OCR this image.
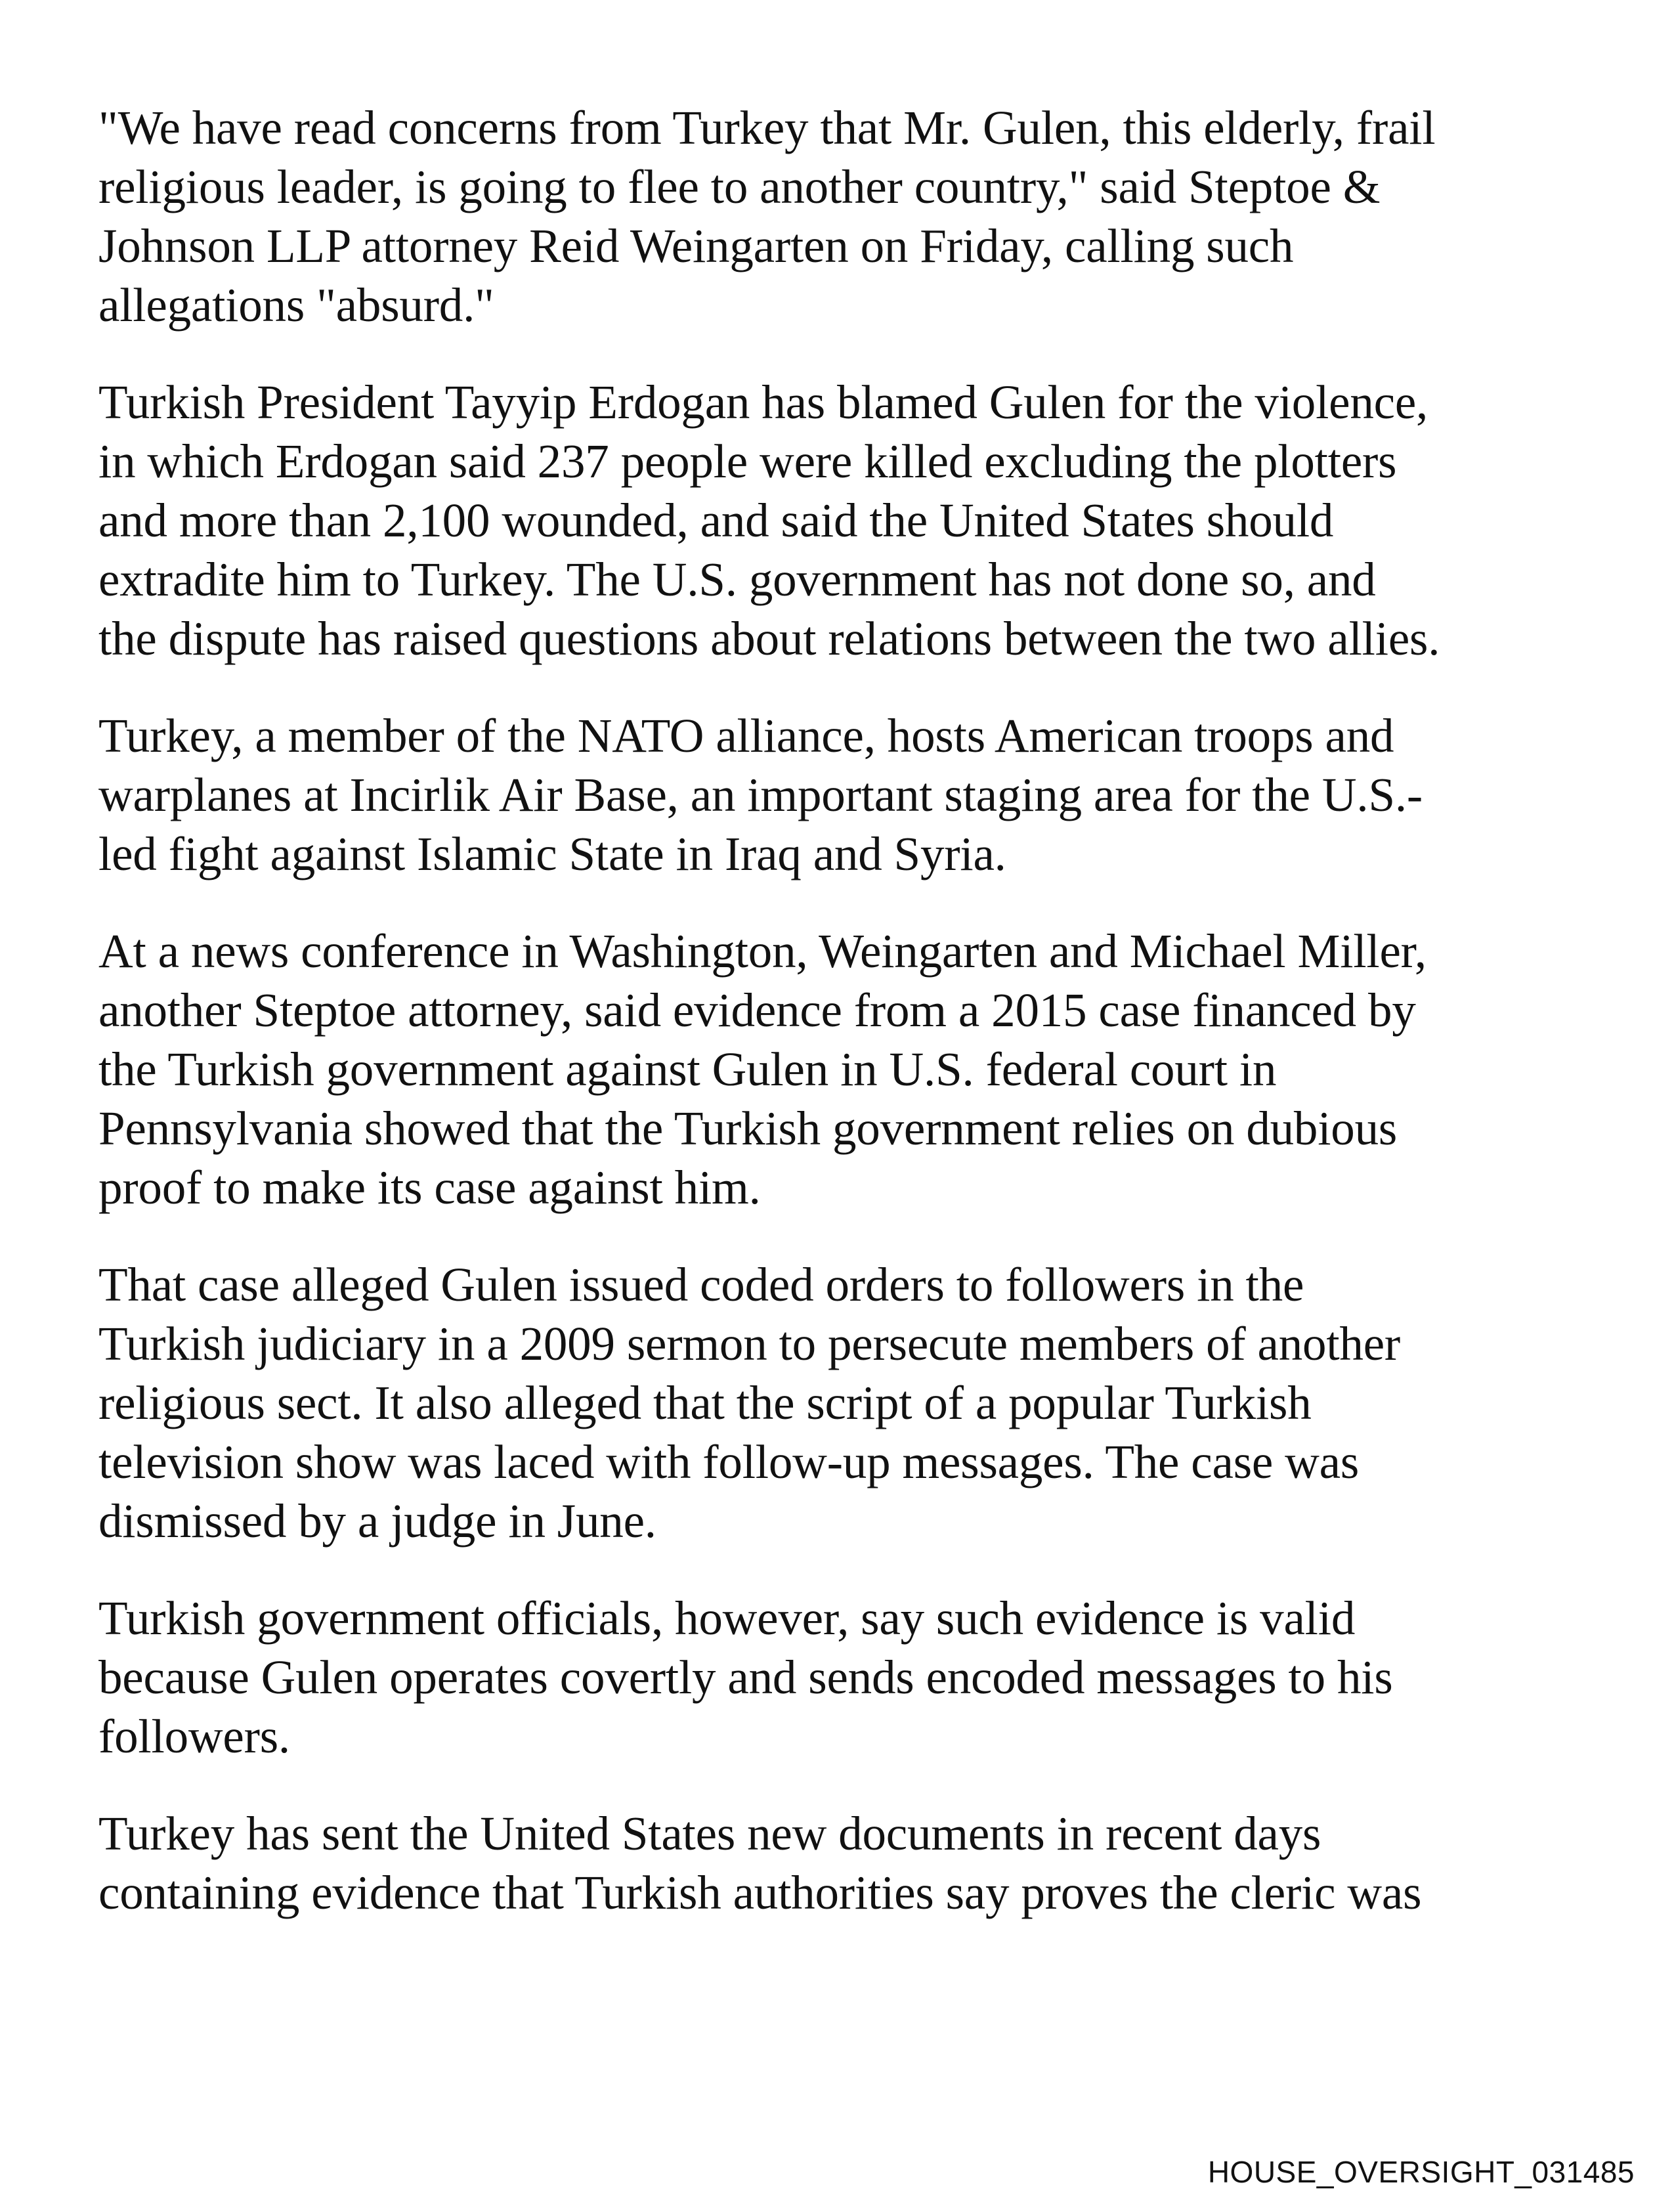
"We have read concerns from Turkey that Mr. Gulen, this elderly, frail
religious leader, is going to flee to another country," said Steptoe &
Johnson LLP attorney Reid Weingarten on Friday, calling such
allegations "absurd."

Turkish President Tayyip Erdogan has blamed Gulen for the violence,
in which Erdogan said 237 people were killed excluding the plotters
and more than 2,100 wounded, and said the United States should
extradite him to Turkey. The U.S. government has not done so, and
the dispute has raised questions about relations between the two allies.

Turkey, a member of the NATO alliance, hosts American troops and
warplanes at Incirlik Air Base, an important staging area for the U.S.-
led fight against Islamic State in Iraq and Syria.

At a news conference in Washington, Weingarten and Michael Miller,
another Steptoe attorney, said evidence from a 2015 case financed by
the Turkish government against Gulen in U.S. federal court in
Pennsylvania showed that the Turkish government relies on dubious
proof to make its case against him.

That case alleged Gulen issued coded orders to followers in the
Turkish judiciary in a 2009 sermon to persecute members of another
religious sect. It also alleged that the script of a popular Turkish
television show was laced with follow-up messages. The case was
dismissed by a judge in June.

Turkish government officials, however, say such evidence is valid
because Gulen operates covertly and sends encoded messages to his
followers.

Turkey has sent the United States new documents in recent days
containing evidence that Turkish authorities say proves the cleric was

HOUSE_OVERSIGHT_031485
